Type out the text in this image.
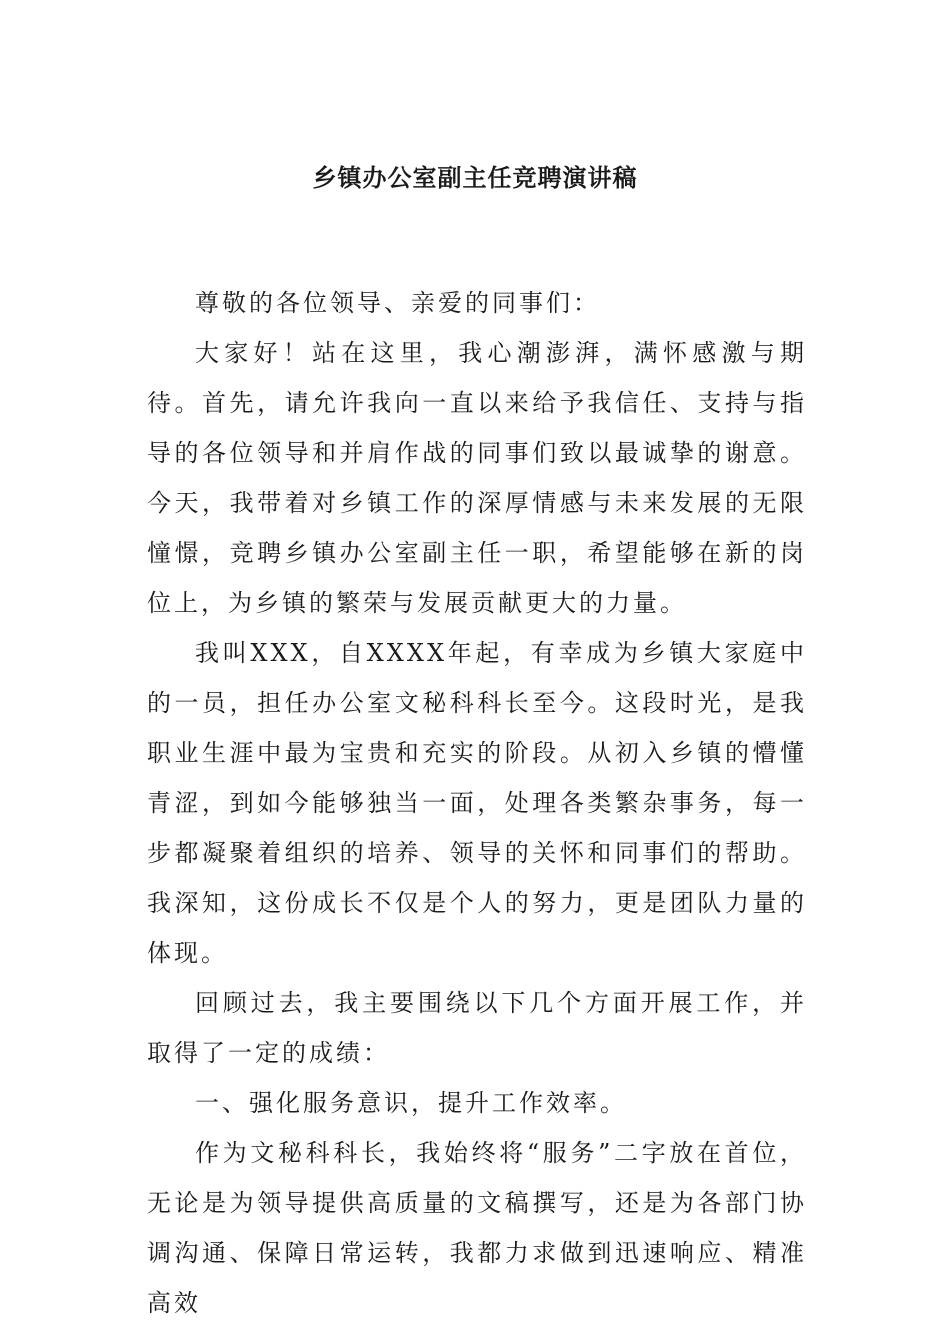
乡镇办公室副主任竞聘演讲稿

尊敬的各位领导、亲爱的同事们：

大家好！站在这里，我心潮澎湃，满怀感激与期待。首先，请允许我向一直以来给予我信任、支持与指导的各位领导和并肩作战的同事们致以最诚挚的谢意。今天，我带着对乡镇工作的深厚情感与未来发展的无限憧憬，竞聘乡镇办公室副主任一职，希望能够在新的岗位上，为乡镇的繁荣与发展贡献更大的力量。

我叫XXX，自XXXX年起，有幸成为乡镇大家庭中的一员，担任办公室文秘科科长至今。这段时光，是我职业生涯中最为宝贵和充实的阶段。从初入乡镇的懵懂青涩，到如今能够独当一面，处理各类繁杂事务，每一步都凝聚着组织的培养、领导的关怀和同事们的帮助。我深知，这份成长不仅是个人的努力，更是团队力量的体现。

回顾过去，我主要围绕以下几个方面开展工作，并取得了一定的成绩：

一、强化服务意识，提升工作效率。

作为文秘科科长，我始终将“服务”二字放在首位，无论是为领导提供高质量的文稿撰写，还是为各部门协调沟通、保障日常运转，我都力求做到迅速响应、精准高效
